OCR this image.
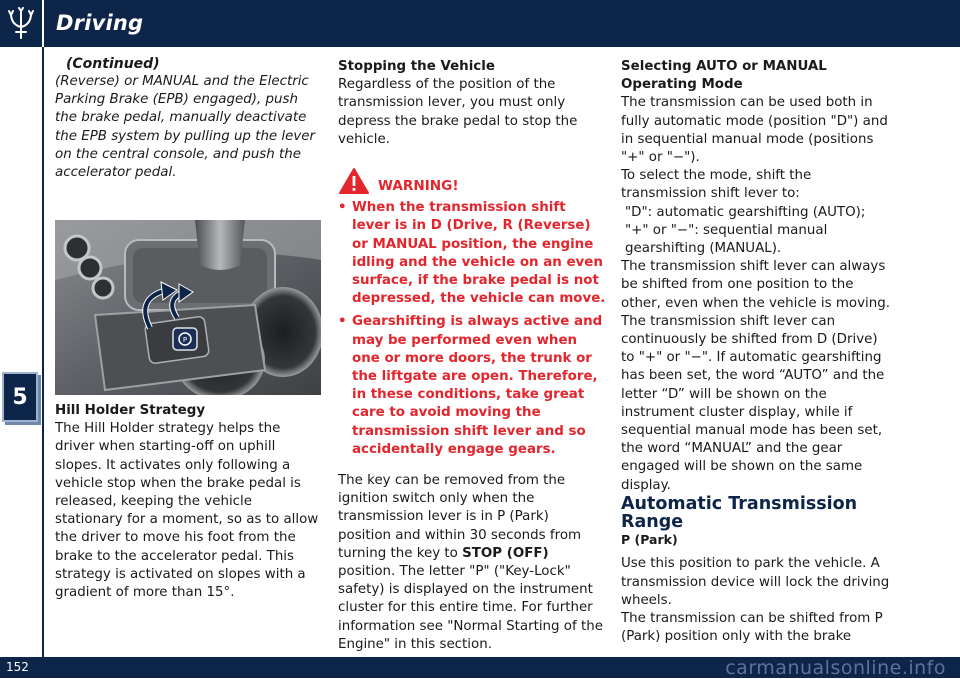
Driving
5

(Continued)

(Reverse) or MANUAL and the Electric Parking Brake (EPB) engaged), push the brake pedal, manually deactivate the EPB system by pulling up the lever on the central console, and push the accelerator pedal.

P

Hill Holder Strategy

The Hill Holder strategy helps the driver when starting-off on uphill slopes. It activates only following a vehicle stop when the brake pedal is released, keeping the vehicle stationary for a moment, so as to allow the driver to move his foot from the brake to the accelerator pedal. This strategy is activated on slopes with a gradient of more than 15°.

Stopping the Vehicle

Regardless of the position of the transmission lever, you must only depress the brake pedal to stop the vehicle.

WARNING!
• When the transmission shift lever is in D (Drive, R (Reverse) or MANUAL position, the engine idling and the vehicle on an even surface, if the brake pedal is not depressed, the vehicle can move.
• Gearshifting is always active and may be performed even when one or more doors, the trunk or the liftgate are open. Therefore, in these conditions, take great care to avoid moving the transmission shift lever and so accidentally engage gears.

The key can be removed from the ignition switch only when the transmission lever is in P (Park) position and within 30 seconds from turning the key to STOP (OFF) position. The letter "P" ("Key-Lock" safety) is displayed on the instrument cluster for this entire time. For further information see "Normal Starting of the Engine" in this section.

Selecting AUTO or MANUAL Operating Mode

The transmission can be used both in fully automatic mode (position "D") and in sequential manual mode (positions "+" or "−").

To select the mode, shift the transmission shift lever to:

"D": automatic gearshifting (AUTO);

"+" or "−": sequential manual gearshifting (MANUAL).

The transmission shift lever can always be shifted from one position to the other, even when the vehicle is moving.

The transmission shift lever can continuously be shifted from D (Drive) to "+" or "−". If automatic gearshifting has been set, the word “AUTO” and the letter “D” will be shown on the instrument cluster display, while if sequential manual mode has been set, the word “MANUAL” and the gear engaged will be shown on the same display.

Automatic Transmission Range

P (Park)

Use this position to park the vehicle. A transmission device will lock the driving wheels.

The transmission can be shifted from P (Park) position only with the brake

152	carmanualsonline.info
